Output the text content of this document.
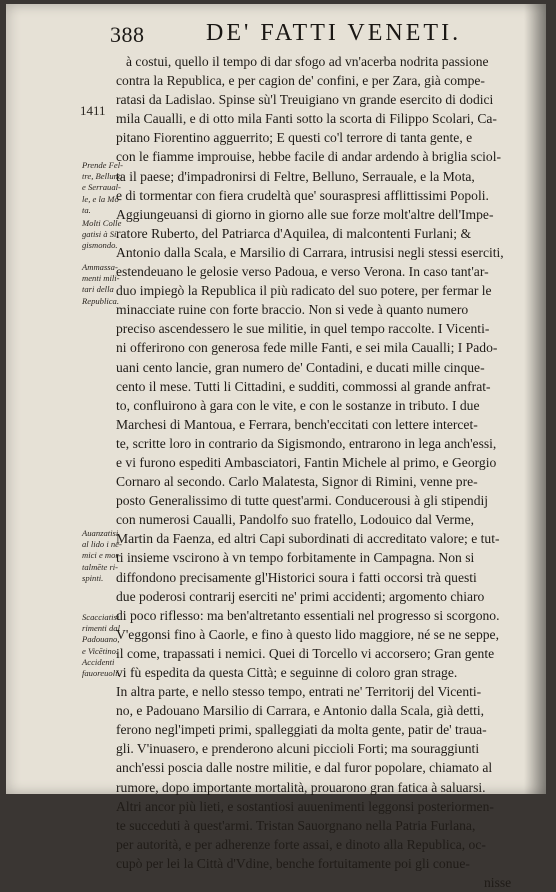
388	DE' FATTI VENETI.
1411
Prende Fel-
tre, Belluno
e Serraual-
le, e la Mo-
ta.
Molti Colle
gatisi à Si.
gismondo.
Ammassa-
menti mili-
tari della
Republica.
Auanzatisi
al lido i ne-
mici e mor-
talmēte ri-
spinti.
Scacciatisi
rimenti dal
Padouano,
e Vicētino.
Accidenti
fauoreuoli.
à costui, quello il tempo di dar sfogo ad vn'acerba nodrita passione
contra la Republica, e per cagion de' confini, e per Zara, già compe-
ratasi da Ladislao. Spinse sù'l Treuigiano vn grande esercito di dodici
mila Caualli, e di otto mila Fanti sotto la scorta di Filippo Scolari, Ca-
pitano Fiorentino agguerrito; E questi co'l terrore di tanta gente, e
con le fiamme improuise, hebbe facile di andar ardendo à briglia sciol-
ta il paese; d'impadronirsi di Feltre, Belluno, Serrauale, e la Mota,
e di tormentar con fiera crudeltà que' souraspresi afflittissimi Popoli.
Aggiungeuansi di giorno in giorno alle sue forze molt'altre dell'Impe-
ratore Ruberto, del Patriarca d'Aquilea, di malcontenti Furlani; &
Antonio dalla Scala, e Marsilio di Carrara, intrusisi negli stessi eserciti,
estendeuano le gelosie verso Padoua, e verso Verona. In caso tant'ar-
duo impiegò la Republica il più radicato del suo potere, per fermar le
minacciate ruine con forte braccio. Non si vede à quanto numero
preciso ascendessero le sue militie, in quel tempo raccolte. I Vicenti-
ni offerirono con generosa fede mille Fanti, e sei mila Caualli; I Pado-
uani cento lancie, gran numero de' Contadini, e ducati mille cinque-
cento il mese. Tutti li Cittadini, e sudditi, commossi al grande anfrat-
to, confluirono à gara con le vite, e con le sostanze in tributo. I due
Marchesi di Mantoua, e Ferrara, bench'eccitati con lettere intercet-
te, scritte loro in contrario da Sigismondo, entrarono in lega anch'essi,
e vi furono espediti Ambasciatori, Fantin Michele al primo, e Georgio
Cornaro al secondo. Carlo Malatesta, Signor di Rimini, venne pre-
posto Generalissimo di tutte quest'armi. Conducerousi à gli stipendij
con numerosi Caualli, Pandolfo suo fratello, Lodouico dal Verme,
Martin da Faenza, ed altri Capi subordinati di accreditato valore; e tut-
ti insieme vscirono à vn tempo forbitamente in Campagna. Non si
diffondono precisamente gl'Historici soura i fatti occorsi trà questi
due poderosi contrarij eserciti ne' primi accidenti; argomento chiaro
di poco riflesso: ma ben'altretanto essentiali nel progresso si scorgono.
V'eggonsi fino à Caorle, e fino à questo lido maggiore, né se ne seppe,
il come, trapassati i nemici. Quei di Torcello vi accorsero; Gran gente
vi fù espedita da questa Città; e seguinne di coloro gran strage.
In altra parte, e nello stesso tempo, entrati ne' Territorij del Vicenti-
no, e Padouano Marsilio di Carrara, e Antonio dalla Scala, già detti,
ferono negl'impeti primi, spalleggiati da molta gente, patir de' traua-
gli. V'inuasero, e prenderono alcuni piccioli Forti; ma souraggiunti
anch'essi poscia dalle nostre militie, e dal furor popolare, chiamato al
rumore, dopo importante mortalità, prouarono gran fatica à saluarsi.
Altri ancor più lieti, e sostantiosi auuenimenti leggonsi posteriormen-
te succeduti à quest'armi. Tristan Sauorgnano nella Patria Furlana,
per autorità, e per adherenze forte assai, e dinoto alla Republica, oc-
cupò per lei la Città d'Vdine, benche fortuitamente poi gli conue-
nisse
